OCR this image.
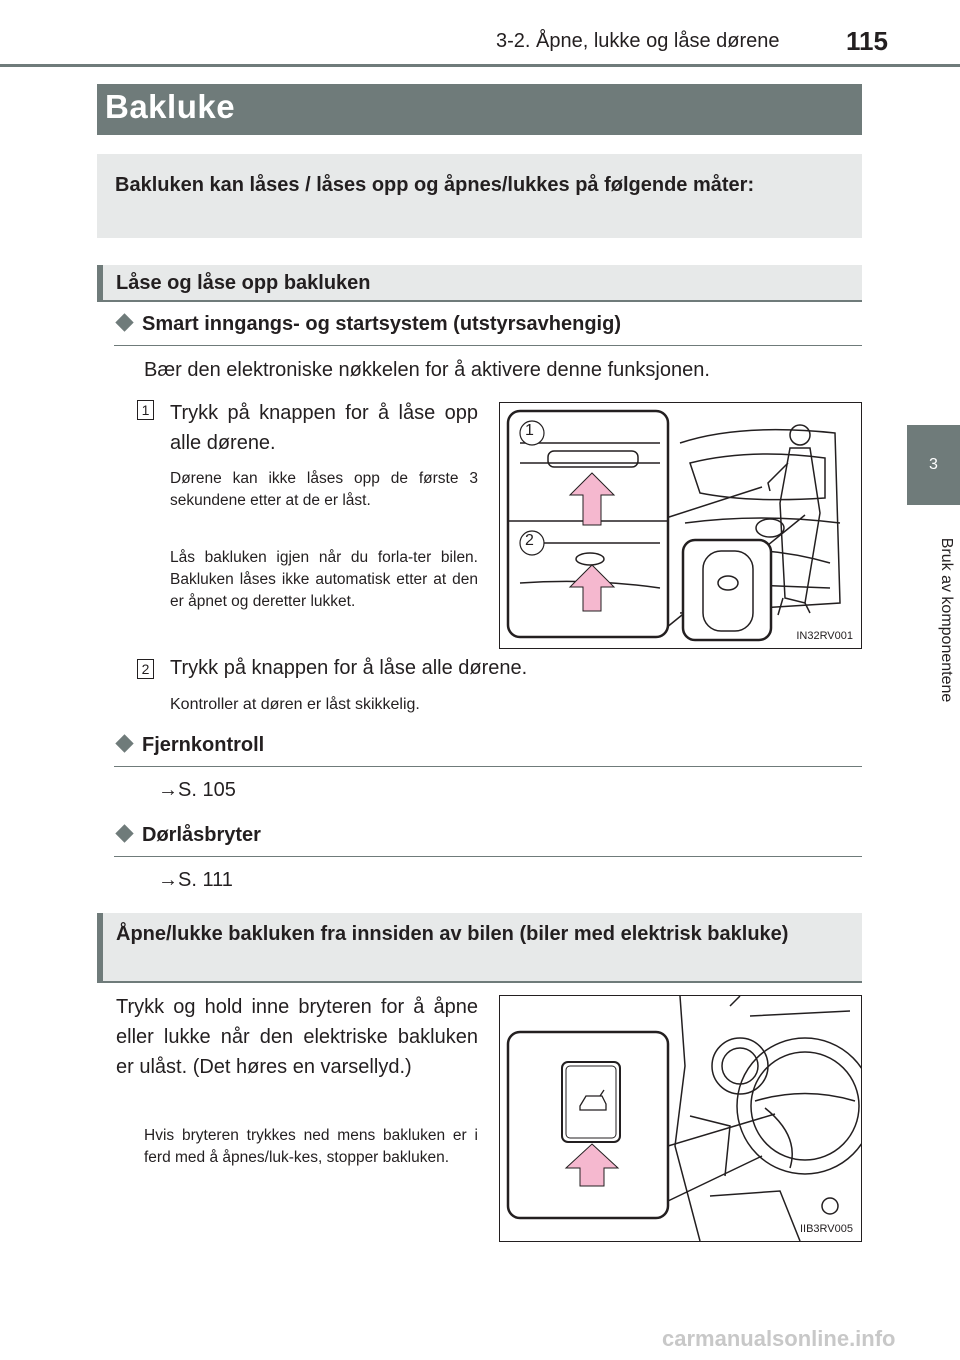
3-2. Åpne, lukke og låse dørene	115
3
Bruk av komponentene
Bakluke
Bakluken kan låses / låses opp og åpnes/lukkes på følgende måter:
Låse og låse opp bakluken
Smart inngangs- og startsystem (utstyrsavhengig)
Bær den elektroniske nøkkelen for å aktivere denne funksjonen.
1 Trykk på knappen for å låse opp alle dørene.
Dørene kan ikke låses opp de første 3 sekundene etter at de er låst.
Lås bakluken igjen når du forla-ter bilen. Bakluken låses ikke automatisk etter at den er åpnet og deretter lukket.
2 Trykk på knappen for å låse alle dørene.
Kontroller at døren er låst skikkelig.
1
2
IN32RV001
Fjernkontroll
→S. 105
Dørlåsbryter
→S. 111
Åpne/lukke bakluken fra innsiden av bilen (biler med elektrisk bakluke)
Trykk og hold inne bryteren for å åpne eller lukke når den elektriske bakluken er ulåst. (Det høres en varsellyd.)
Hvis bryteren trykkes ned mens bakluken er i ferd med å åpnes/luk-kes, stopper bakluken.
IIB3RV005
carmanualsonline.info
